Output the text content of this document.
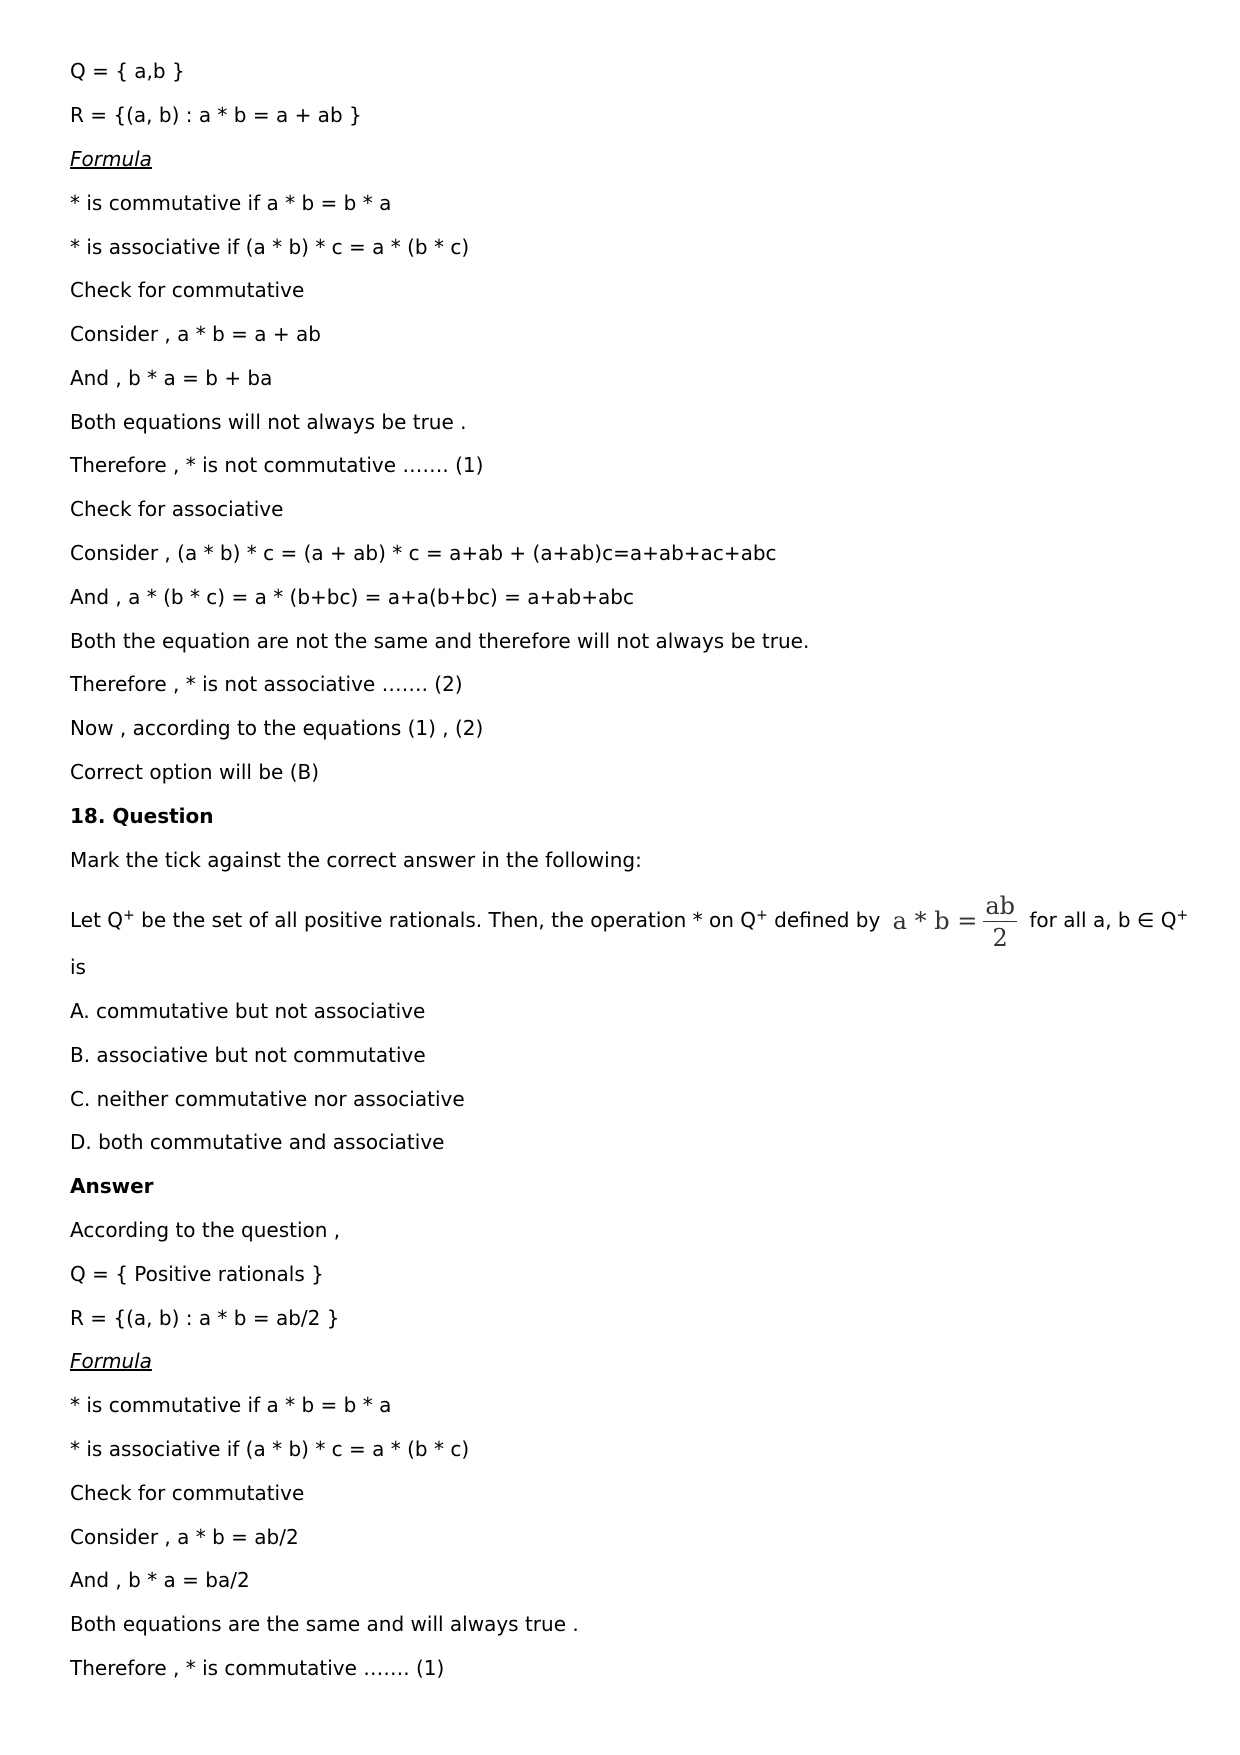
Q = { a,b }
R = {(a, b) : a * b = a + ab }
Formula
* is commutative if a * b = b * a
* is associative if (a * b) * c = a * (b * c)
Check for commutative
Consider , a * b = a + ab
And , b * a = b + ba
Both equations will not always be true .
Therefore , * is not commutative ……. (1)
Check for associative
Consider , (a * b) * c = (a + ab) * c = a+ab + (a+ab)c=a+ab+ac+abc
And , a * (b * c) = a * (b+bc) = a+a(b+bc) = a+ab+abc
Both the equation are not the same and therefore will not always be true.
Therefore , * is not associative ……. (2)
Now , according to the equations (1) , (2)
Correct option will be (B)
18. Question
Mark the tick against the correct answer in the following:
Let Q+ be the set of all positive rationals. Then, the operation * on Q+ defined by $a * b = \frac{ab}{2}$ for all a, b ∈ Q+
is
A. commutative but not associative
B. associative but not commutative
C. neither commutative nor associative
D. both commutative and associative
Answer
According to the question ,
Q = { Positive rationals }
R = {(a, b) : a * b = ab/2 }
Formula
* is commutative if a * b = b * a
* is associative if (a * b) * c = a * (b * c)
Check for commutative
Consider , a * b = ab/2
And , b * a = ba/2
Both equations are the same and will always true .
Therefore , * is commutative ……. (1)
